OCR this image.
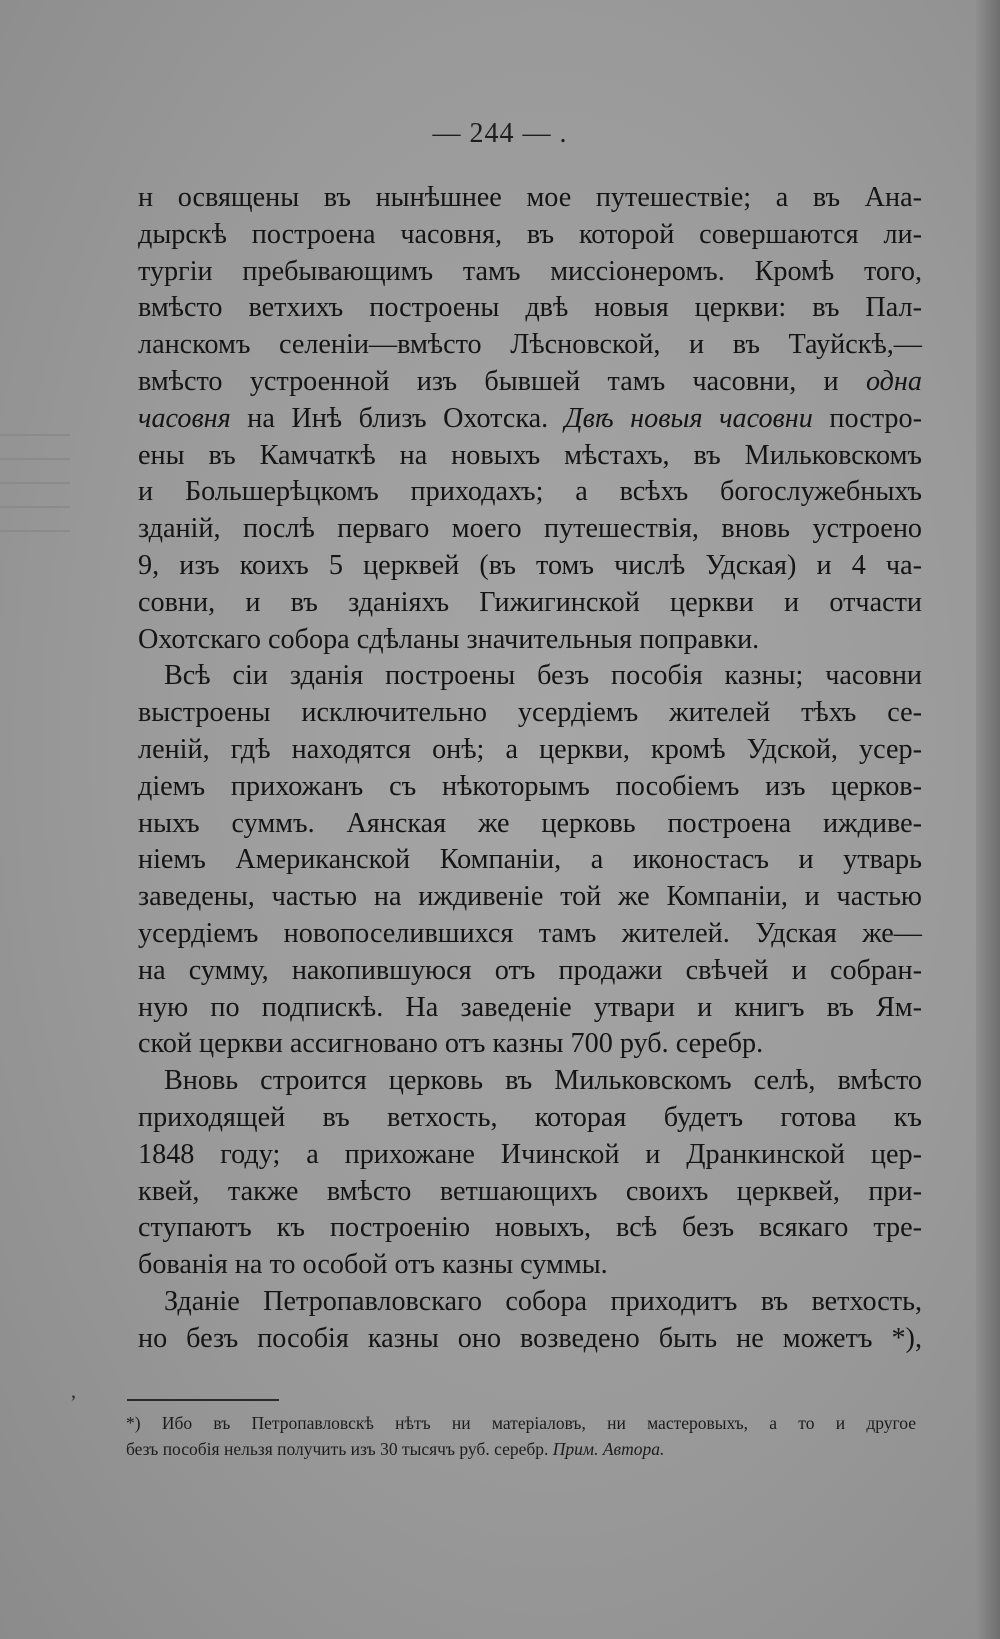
— 244 — .
н освящены въ нынѣшнее мое путешествіе; а въ Ана-
дырскѣ построена часовня, въ которой совершаются ли-
тургіи пребывающимъ тамъ миссіонеромъ. Кромѣ того,
вмѣсто ветхихъ построены двѣ новыя церкви: въ Пал-
ланскомъ селеніи—вмѣсто Лѣсновской, и въ Тауйскѣ,—
вмѣсто устроенной изъ бывшей тамъ часовни, и одна
часовня на Инѣ близъ Охотска. Двѣ новыя часовни постро-
ены въ Камчаткѣ на новыхъ мѣстахъ, въ Мильковскомъ
и Большерѣцкомъ приходахъ; а всѣхъ богослужебныхъ
зданій, послѣ перваго моего путешествія, вновь устроено
9, изъ коихъ 5 церквей (въ томъ числѣ Удская) и 4 ча-
совни, и въ зданіяхъ Гижигинской церкви и отчасти
Охотскаго собора сдѣланы значительныя поправки.
Всѣ сіи зданія построены безъ пособія казны; часовни
выстроены исключительно усердіемъ жителей тѣхъ се-
леній, гдѣ находятся онѣ; а церкви, кромѣ Удской, усер-
діемъ прихожанъ съ нѣкоторымъ пособіемъ изъ церков-
ныхъ суммъ. Аянская же церковь построена иждиве-
ніемъ Американской Компаніи, а иконостасъ и утварь
заведены, частью на иждивеніе той же Компаніи, и частью
усердіемъ новопоселившихся тамъ жителей. Удская же—
на сумму, накопившуюся отъ продажи свѣчей и собран-
ную по подпискѣ. На заведеніе утвари и книгъ въ Ям-
ской церкви ассигновано отъ казны 700 руб. серебр.
Вновь строится церковь въ Мильковскомъ селѣ, вмѣсто
приходящей въ ветхость, которая будетъ готова къ
1848 году; а прихожане Ичинской и Дранкинской цер-
квей, также вмѣсто ветшающихъ своихъ церквей, при-
ступаютъ къ построенію новыхъ, всѣ безъ всякаго тре-
бованія на то особой отъ казны суммы.
Зданіе Петропавловскаго собора приходитъ въ ветхость,
но безъ пособія казны оно возведено быть не можетъ *),
ʼ
*) Ибо въ Петропавловскѣ нѣтъ ни матеріаловъ, ни мастеровыхъ, а то и другое
безъ пособія нельзя получить изъ 30 тысячъ руб. серебр. Прим. Автора.
